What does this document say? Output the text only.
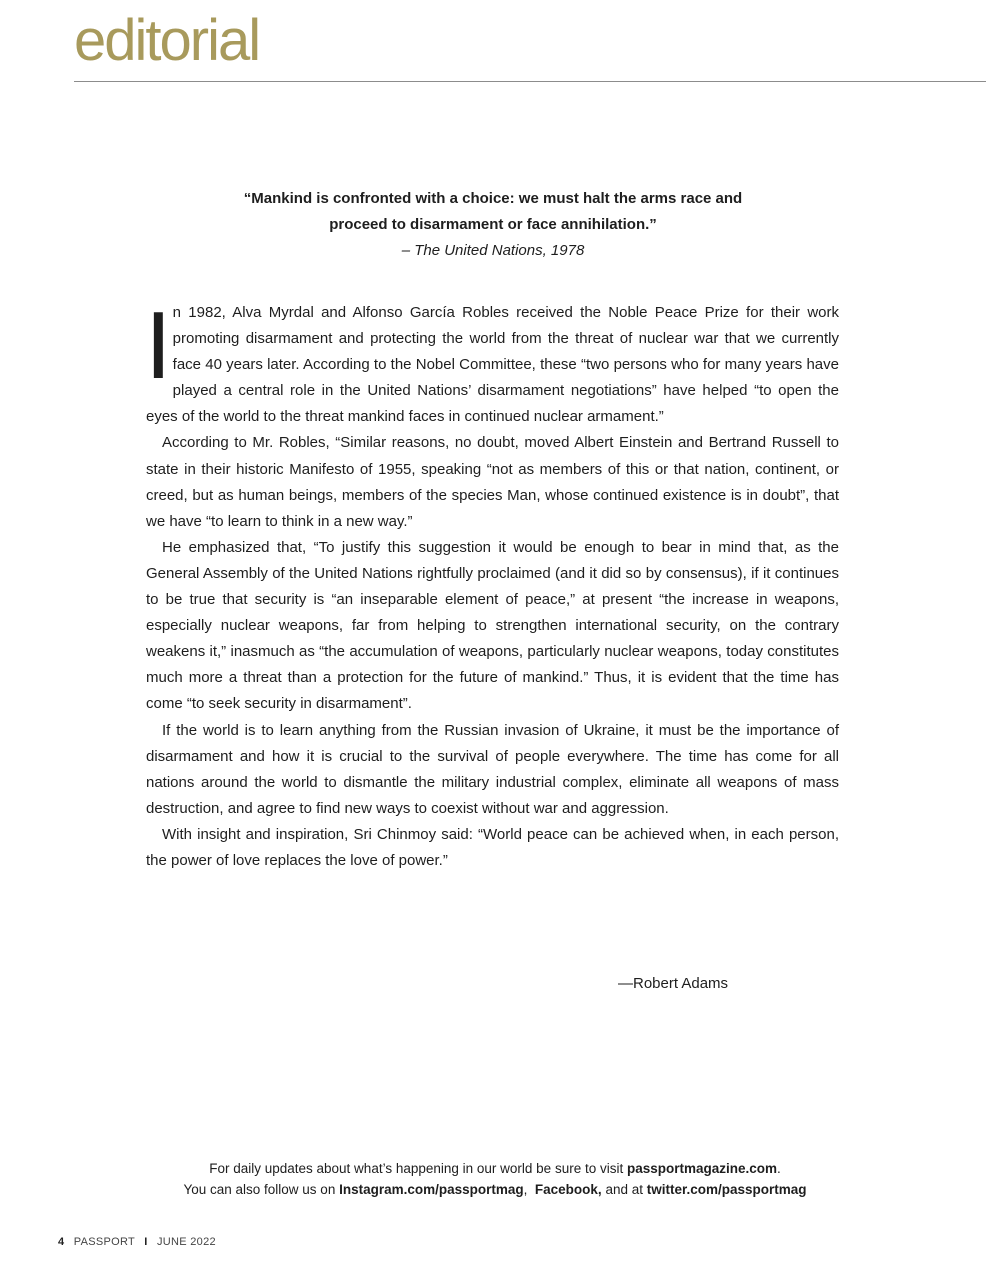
editorial
“Mankind is confronted with a choice: we must halt the arms race and
proceed to disarmament or face annihilation.”
– The United Nations, 1978

In 1982, Alva Myrdal and Alfonso García Robles received the Noble Peace Prize for their work promoting disarmament and protecting the world from the threat of nuclear war that we currently face 40 years later. According to the Nobel Committee, these “two persons who for many years have played a central role in the United Nations’ disarmament negotiations” have helped “to open the eyes of the world to the threat mankind faces in continued nuclear armament.”

According to Mr. Robles, “Similar reasons, no doubt, moved Albert Einstein and Bertrand Russell to state in their historic Manifesto of 1955, speaking “not as members of this or that nation, continent, or creed, but as human beings, members of the species Man, whose continued existence is in doubt”, that we have “to learn to think in a new way.”

He emphasized that, “To justify this suggestion it would be enough to bear in mind that, as the General Assembly of the United Nations rightfully proclaimed (and it did so by consensus), if it continues to be true that security is “an inseparable element of peace,” at present “the increase in weapons, especially nuclear weapons, far from helping to strengthen international security, on the contrary weakens it,” inasmuch as “the accumulation of weapons, particularly nuclear weapons, today constitutes much more a threat than a protection for the future of mankind.” Thus, it is evident that the time has come “to seek security in disarmament”.

If the world is to learn anything from the Russian invasion of Ukraine, it must be the importance of disarmament and how it is crucial to the survival of people everywhere. The time has come for all nations around the world to dismantle the military industrial complex, eliminate all weapons of mass destruction, and agree to find new ways to coexist without war and aggression.

With insight and inspiration, Sri Chinmoy said: “World peace can be achieved when, in each person, the power of love replaces the love of power.”

—Robert Adams
For daily updates about what’s happening in our world be sure to visit passportmagazine.com.
You can also follow us on Instagram.com/passportmag,  Facebook, and at twitter.com/passportmag
4 PASSPORT I JUNE 2022
